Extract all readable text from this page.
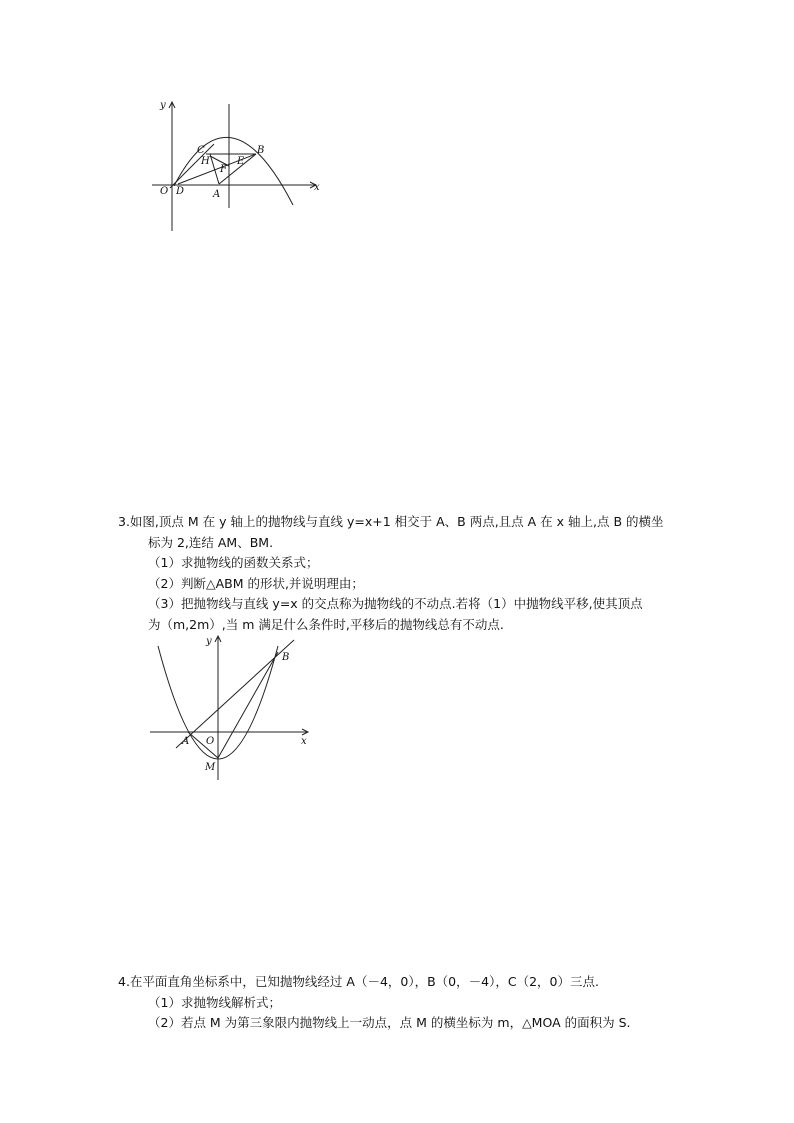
y
x
O D	A
C
H
F
E
B

3.如图,顶点 M 在 y 轴上的抛物线与直线 y=x+1 相交于 A、B 两点,且点 A 在 x 轴上,点 B 的横坐

标为 2,连结 AM、BM.

（1）求抛物线的函数关系式；

（2）判断△ABM 的形状,并说明理由；

（3）把抛物线与直线 y=x 的交点称为抛物线的不动点.若将（1）中抛物线平移,使其顶点

为（m,2m）,当 m 满足什么条件时,平移后的抛物线总有不动点.

y
x
B
A O
M

4.在平面直角坐标系中，已知抛物线经过 A（－4，0），B（0，－4），C（2，0）三点.

（1）求抛物线解析式；

（2）若点 M 为第三象限内抛物线上一动点，点 M 的横坐标为 m，△MOA 的面积为 S.
